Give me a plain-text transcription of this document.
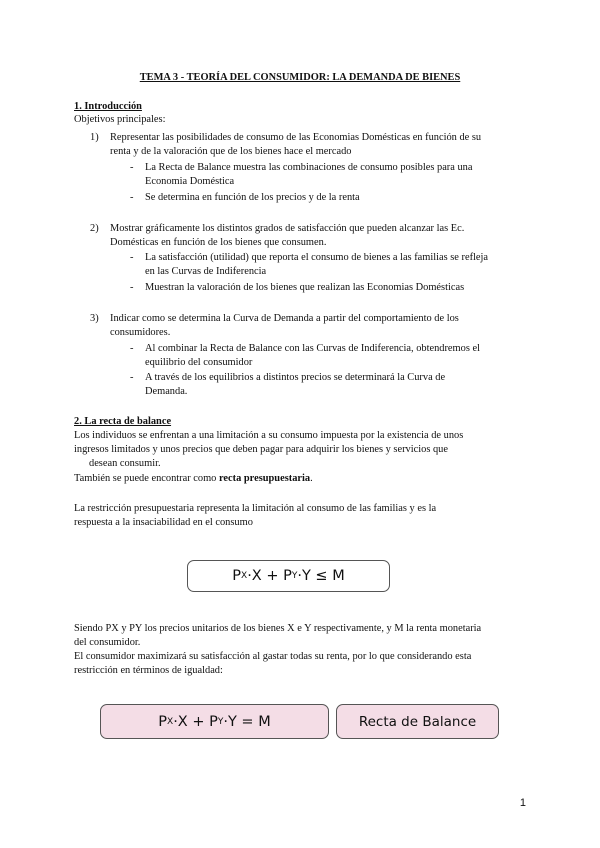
TEMA 3 - TEORÍA DEL CONSUMIDOR: LA DEMANDA DE BIENES
1. Introducción
Objetivos principales:
1)	Representar las posibilidades de consumo de las Economias Domésticas en función de su
renta y de la valoración que de los bienes hace el mercado
- La Recta de Balance muestra las combinaciones de consumo posibles para una
Economia Doméstica
- Se determina en función de los precios y de la renta
2)	Mostrar gráficamente los distintos grados de satisfacción que pueden alcanzar las Ec.
Domésticas en función de los bienes que consumen.
- La satisfacción (utilidad) que reporta el consumo de bienes a las familias se refleja
en las Curvas de Indiferencia
- Muestran la valoración de los bienes que realizan las Economias Domésticas
3)	Indicar como se determina la Curva de Demanda a partir del comportamiento de los
consumidores.
- Al combinar la Recta de Balance con las Curvas de Indiferencia, obtendremos el
equilibrio del consumidor
- A través de los equilibrios a distintos precios se determinará la Curva de
Demanda.
2. La recta de balance
Los individuos se enfrentan a una limitación a su consumo impuesta por la existencia de unos
ingresos limitados y unos precios que deben pagar para adquirir los bienes y servicios que
desean consumir.
También se puede encontrar como recta presupuestaria.
La restricción presupuestaria representa la limitación al consumo de las familias y es la
respuesta a la insaciabilidad en el consumo
P X ·X + P Y ·Y ≤ M
Siendo PX y PY los precios unitarios de los bienes X e Y respectivamente, y M la renta monetaria
del consumidor.
El consumidor maximizará su satisfacción al gastar todas su renta, por lo que considerando esta
restricción en términos de igualdad:
P X ·X + P Y ·Y = M	Recta de Balance
1
